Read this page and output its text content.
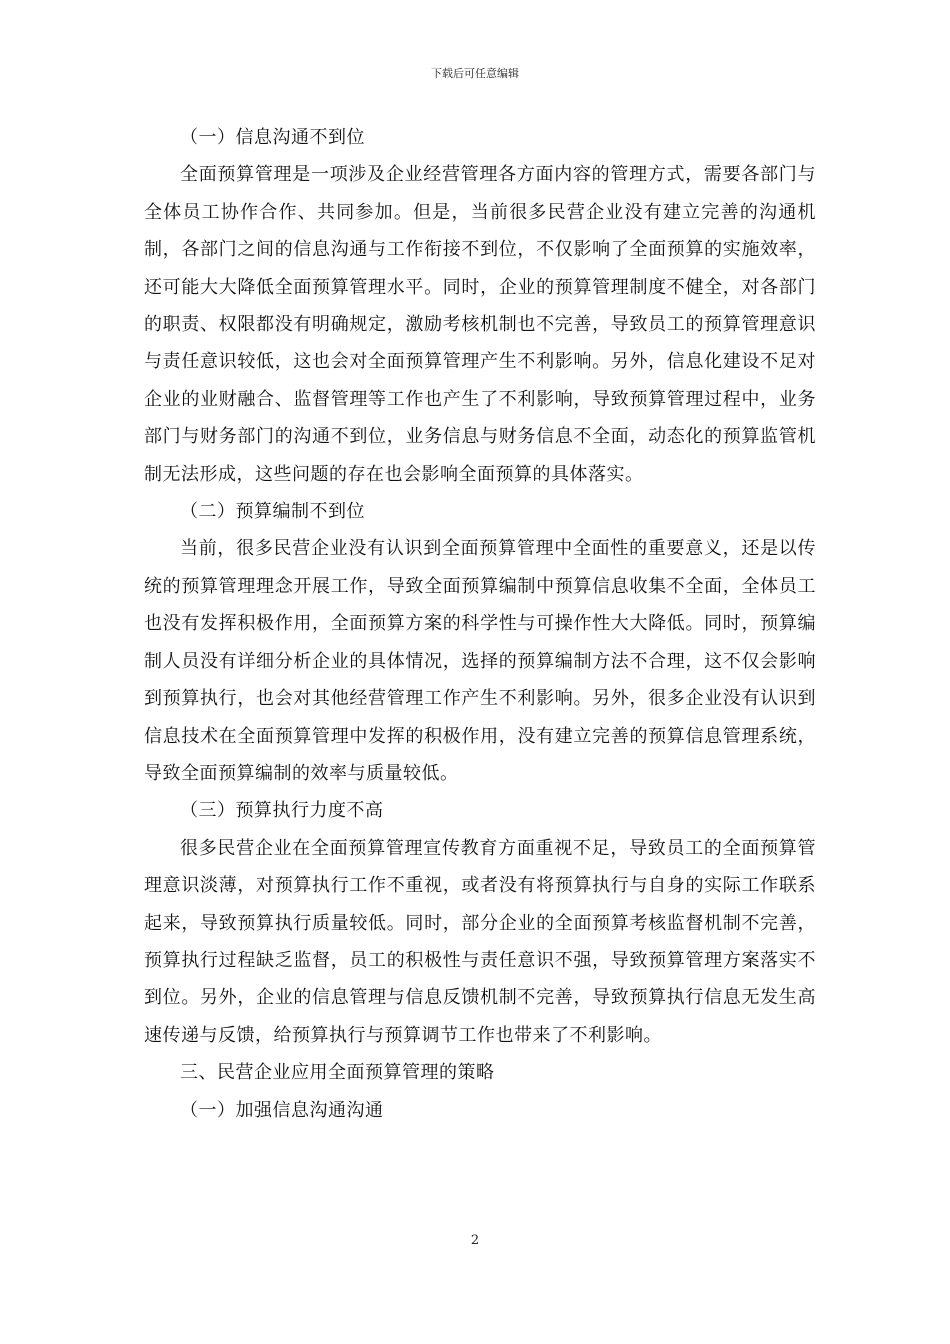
下载后可任意编辑

（一）信息沟通不到位

全面预算管理是一项涉及企业经营管理各方面内容的管理方式，需要各部门与全体员工协作合作、共同参加。但是，当前很多民营企业没有建立完善的沟通机制，各部门之间的信息沟通与工作衔接不到位，不仅影响了全面预算的实施效率，还可能大大降低全面预算管理水平。同时，企业的预算管理制度不健全，对各部门的职责、权限都没有明确规定，激励考核机制也不完善，导致员工的预算管理意识与责任意识较低，这也会对全面预算管理产生不利影响。另外，信息化建设不足对企业的业财融合、监督管理等工作也产生了不利影响，导致预算管理过程中，业务部门与财务部门的沟通不到位，业务信息与财务信息不全面，动态化的预算监管机制无法形成，这些问题的存在也会影响全面预算的具体落实。

（二）预算编制不到位

当前，很多民营企业没有认识到全面预算管理中全面性的重要意义，还是以传统的预算管理理念开展工作，导致全面预算编制中预算信息收集不全面，全体员工也没有发挥积极作用，全面预算方案的科学性与可操作性大大降低。同时，预算编制人员没有详细分析企业的具体情况，选择的预算编制方法不合理，这不仅会影响到预算执行，也会对其他经营管理工作产生不利影响。另外，很多企业没有认识到信息技术在全面预算管理中发挥的积极作用，没有建立完善的预算信息管理系统，导致全面预算编制的效率与质量较低。

（三）预算执行力度不高

很多民营企业在全面预算管理宣传教育方面重视不足，导致员工的全面预算管理意识淡薄，对预算执行工作不重视，或者没有将预算执行与自身的实际工作联系起来，导致预算执行质量较低。同时，部分企业的全面预算考核监督机制不完善，预算执行过程缺乏监督，员工的积极性与责任意识不强，导致预算管理方案落实不到位。另外，企业的信息管理与信息反馈机制不完善，导致预算执行信息无发生高速传递与反馈，给预算执行与预算调节工作也带来了不利影响。

三、民营企业应用全面预算管理的策略

（一）加强信息沟通沟通

2
